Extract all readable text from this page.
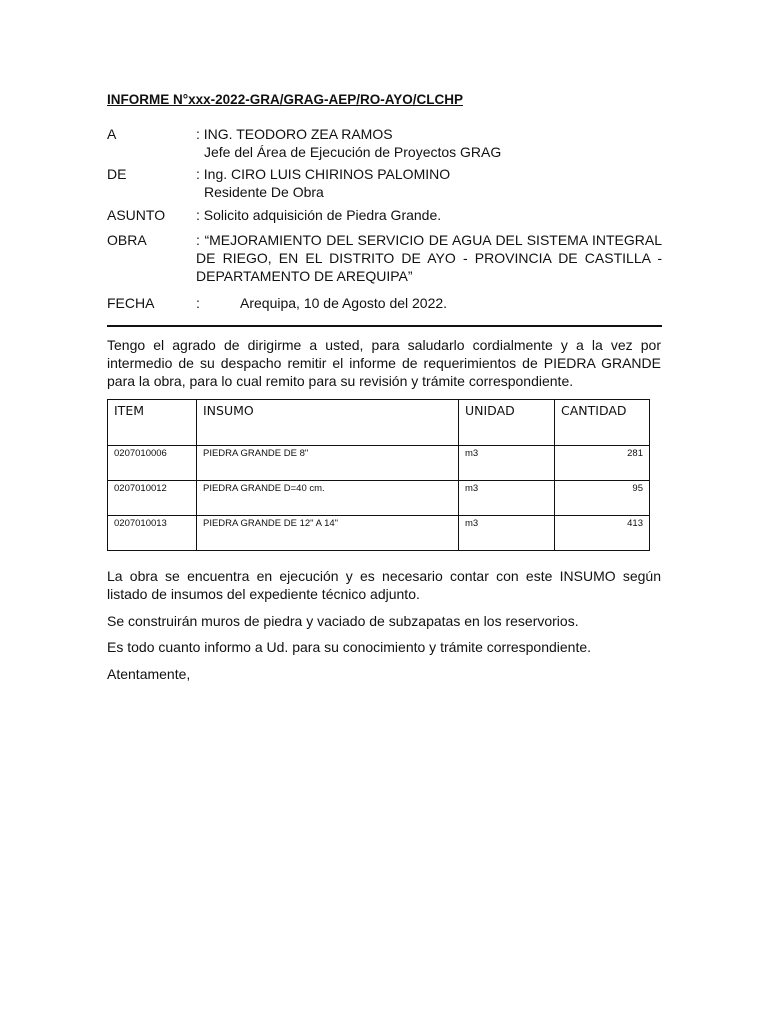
INFORME N°xxx-2022-GRA/GRAG-AEP/RO-AYO/CLCHP
A	: ING. TEODORO ZEA RAMOS
Jefe del Área de Ejecución de Proyectos GRAG
DE	: Ing. CIRO LUIS CHIRINOS PALOMINO
Residente De Obra
ASUNTO : Solicito adquisición de Piedra Grande.
OBRA	: “MEJORAMIENTO DEL SERVICIO DE AGUA DEL SISTEMA INTEGRAL DE RIEGO, EN EL DISTRITO DE AYO - PROVINCIA DE CASTILLA - DEPARTAMENTO DE AREQUIPA”
FECHA	:	Arequipa, 10 de Agosto del 2022.

Tengo el agrado de dirigirme a usted, para saludarlo cordialmente y a la vez por intermedio de su despacho remitir el informe de requerimientos de PIEDRA GRANDE para la obra, para lo cual remito para su revisión y trámite correspondiente.

ITEM	INSUMO	UNIDAD	CANTIDAD
0207010006	PIEDRA GRANDE DE 8"	m3	281
0207010012	PIEDRA GRANDE D=40 cm.	m3	95
0207010013	PIEDRA GRANDE DE 12" A 14"	m3	413

La obra se encuentra en ejecución y es necesario contar con este INSUMO según listado de insumos del expediente técnico adjunto.

Se construirán muros de piedra y vaciado de subzapatas en los reservorios.

Es todo cuanto informo a Ud. para su conocimiento y trámite correspondiente.

Atentamente,
